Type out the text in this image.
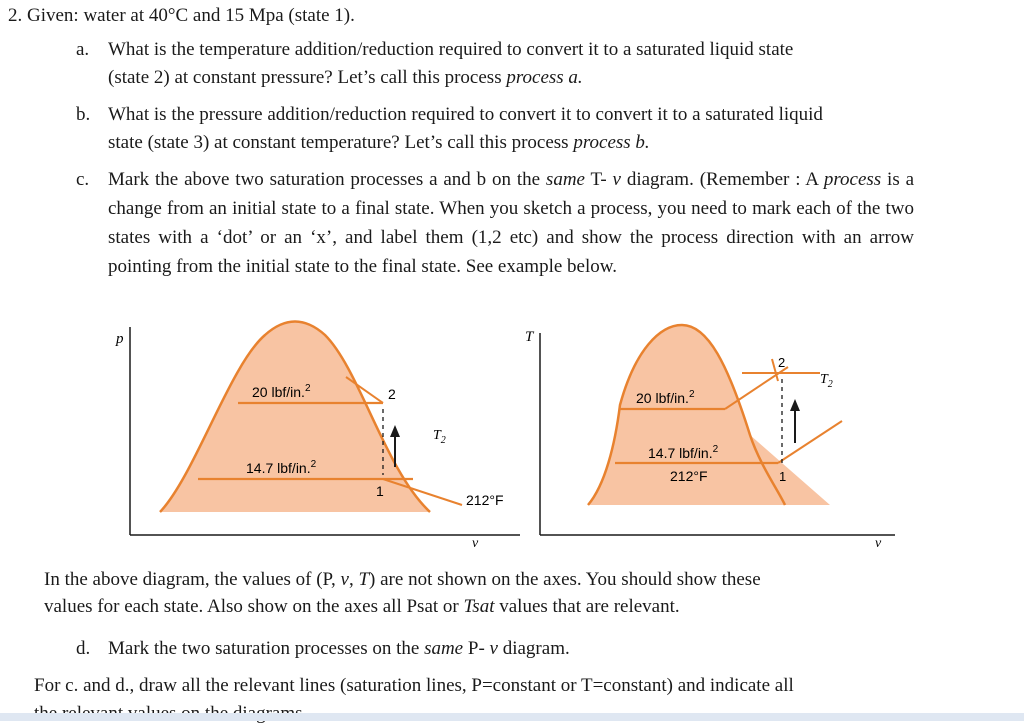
2. Given: water at 40°C and 15 Mpa (state 1).
a. What is the temperature addition/reduction required to convert it to a saturated liquid state
(state 2) at constant pressure? Let’s call this process process a.
b. What is the pressure addition/reduction required to convert it to convert it to a saturated liquid
state (state 3) at constant temperature? Let’s call this process process b.
c. Mark the above two saturation processes a and b on the same T- v diagram. (Remember : A process is a change from an initial state to a final state. When you sketch a process, you need to mark each of the two states with a ‘dot’ or an ‘x’, and label them (1,2 etc) and show the process direction with an arrow pointing from the initial state to the final state. See example below.
p
v
20 lbf/in.$^2$
14.7 lbf/in.$^2$
2
1
$T_2$
212°F
T
v
20 lbf/in.$^2$
14.7 lbf/in.$^2$
212°F
2
1
$T_2$
In the above diagram, the values of (P, v, T) are not shown on the axes. You should show these
values for each state. Also show on the axes all Psat or Tsat values that are relevant.
d. Mark the two saturation processes on the same P- v diagram.
For c. and d., draw all the relevant lines (saturation lines, P=constant or T=constant) and indicate all
